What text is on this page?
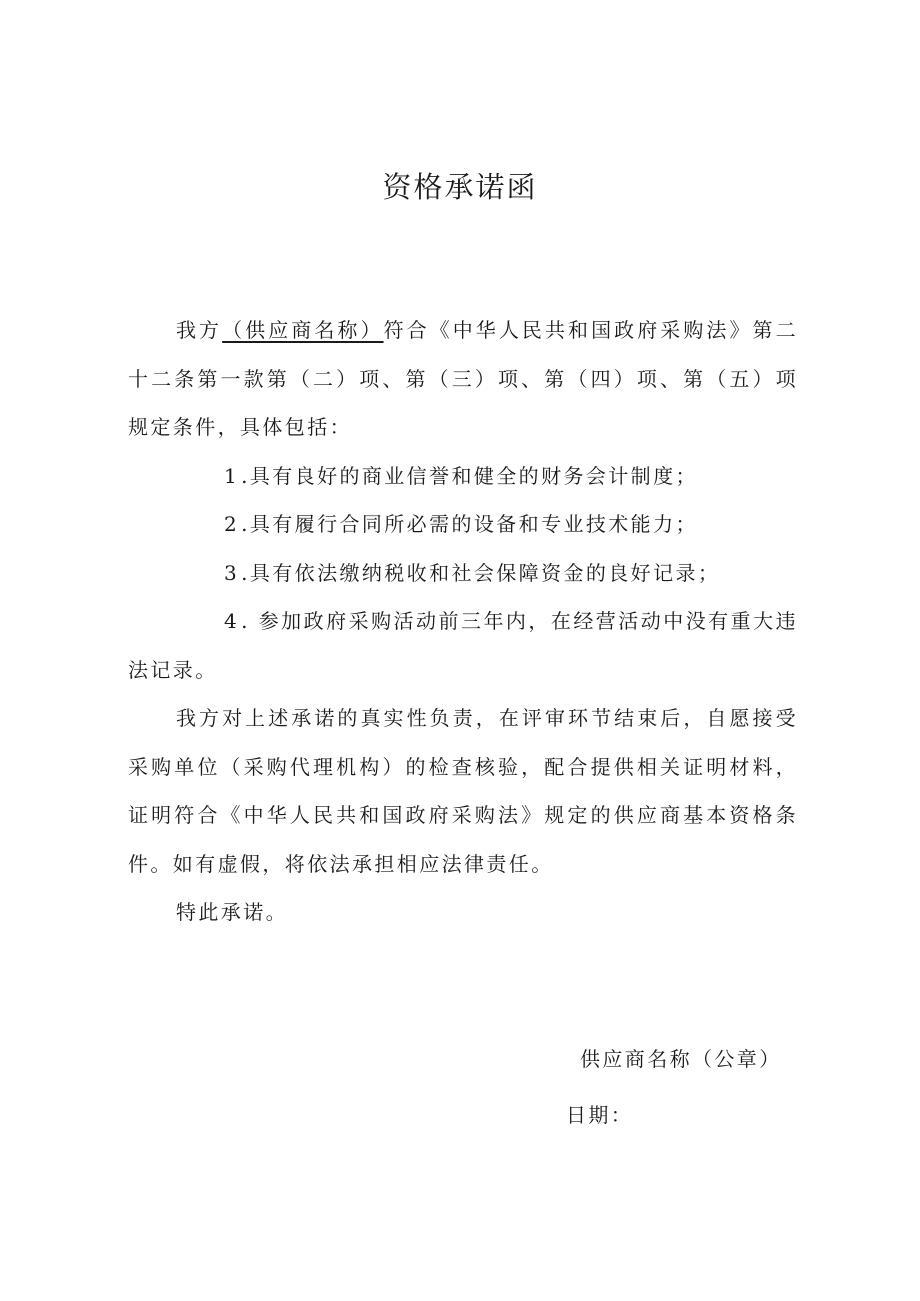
资格承诺函

我方（供应商名称）符合《中华人民共和国政府采购法》第二十二条第一款第（二）项、第（三）项、第（四）项、第（五）项规定条件，具体包括：

1 .具有良好的商业信誉和健全的财务会计制度；

2 .具有履行合同所必需的设备和专业技术能力；

3 .具有依法缴纳税收和社会保障资金的良好记录；

4 . 参加政府采购活动前三年内，在经营活动中没有重大违法记录。

我方对上述承诺的真实性负责，在评审环节结束后，自愿接受采购单位（采购代理机构）的检查核验，配合提供相关证明材料，证明符合《中华人民共和国政府采购法》规定的供应商基本资格条件。如有虚假，将依法承担相应法律责任。

特此承诺。

供应商名称（公章）
日期：
